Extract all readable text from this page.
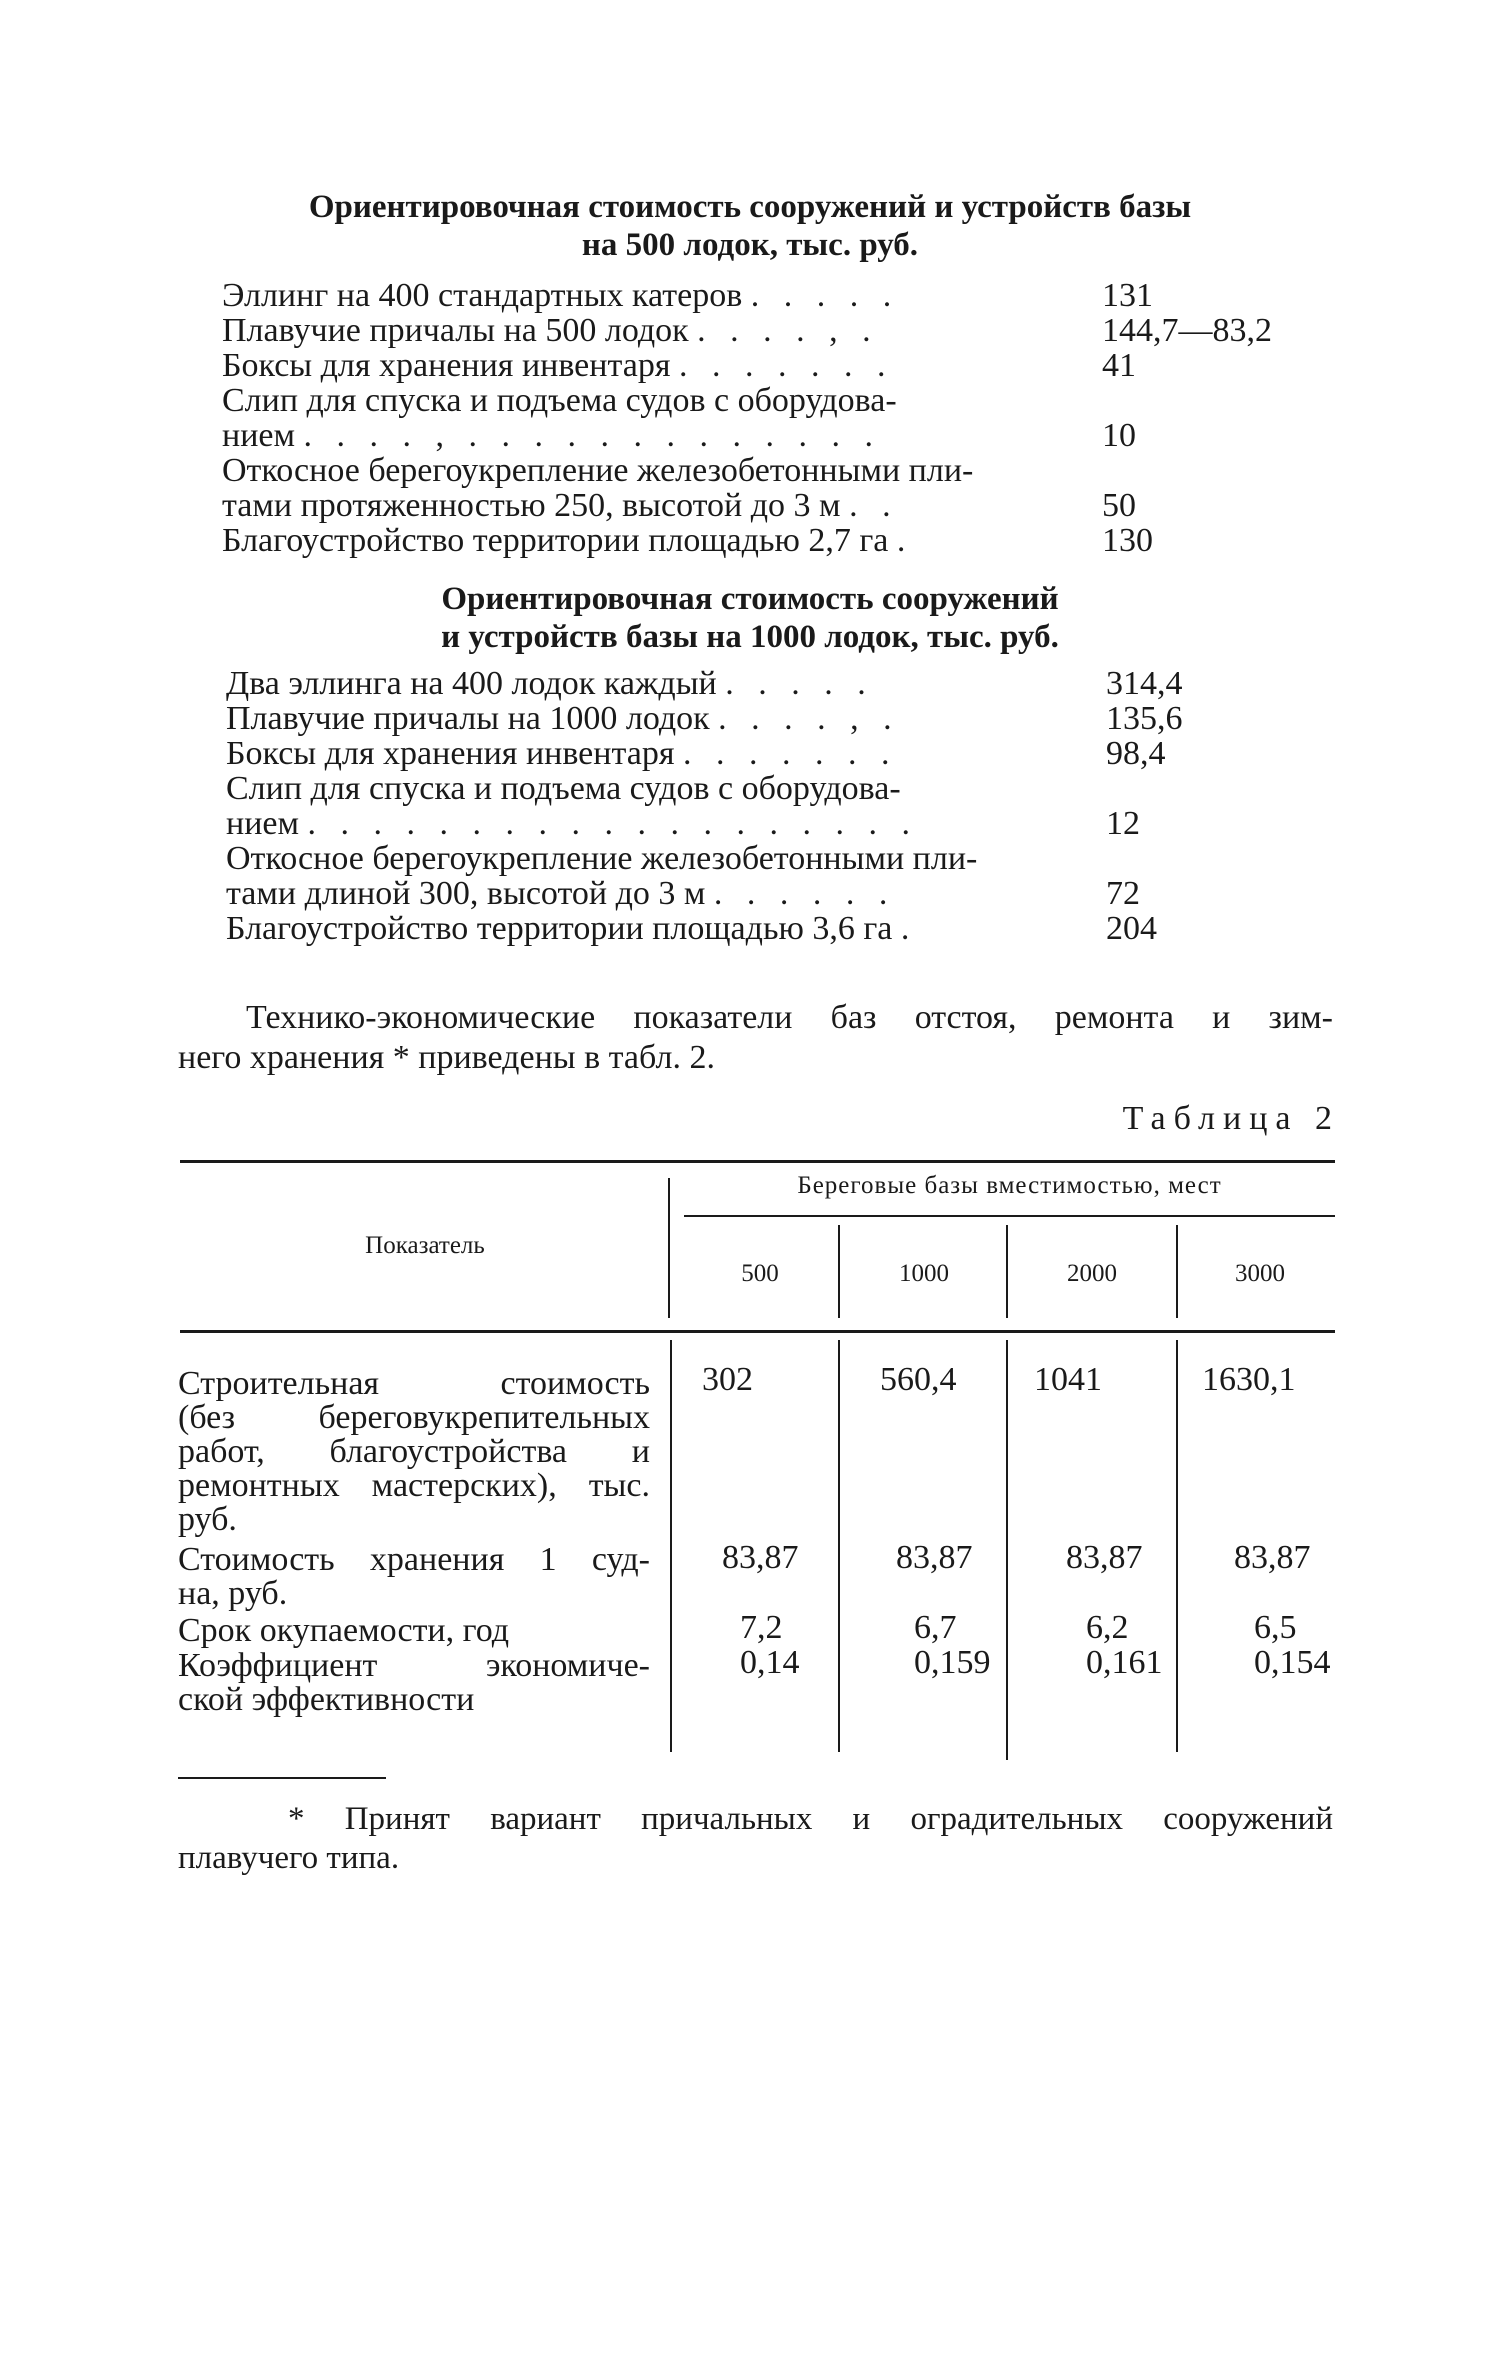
Ориентировочная стоимость сооружений и устройств базы
на 500 лодок, тыс. руб.
Эллинг на 400 стандартных катеров . . . . .	131
Плавучие причалы на 500 лодок . . . . , .	144,7—83,2
Боксы для хранения инвентаря . . . . . . .	41
Слип для спуска и подъема судов с оборудова-
нием . . . . , . . . . . . . . . . . . .	10
Откосное берегоукрепление железобетонными пли-
тами протяженностью 250, высотой до 3 м . .	50
Благоустройство территории площадью 2,7 га .	130
Ориентировочная стоимость сооружений
и устройств базы на 1000 лодок, тыс. руб.
Два эллинга на 400 лодок каждый . . . . .	314,4
Плавучие причалы на 1000 лодок . . . . , .	135,6
Боксы для хранения инвентаря . . . . . . .	98,4
Слип для спуска и подъема судов с оборудова-
нием . . . . . . . . . . . . . . . . . . .	12
Откосное берегоукрепление железобетонными пли-
тами длиной 300, высотой до 3 м . . . . . .	72
Благоустройство территории площадью 3,6 га .	204
Технико-экономические показатели баз отстоя, ремонта и зим-
него хранения * приведены в табл. 2.
Таблица 2
Показатель
Береговые базы вместимостью, мест
500	1000	2000	3000
Строительная стоимость
(без береговукрепительных
работ, благоустройства и
ремонтных мастерских), тыс.
руб.
302	560,4 1041	1630,1
Стоимость хранения 1 суд-
на, руб.
83,87	83,87	83,87	83,87
Срок окупаемости, год	7,2	6,7	6,2	6,5
Коэффициент экономиче-
ской эффективности
0,14	0,159	0,161	0,154
* Принят вариант причальных и оградительных сооружений
плавучего типа.
